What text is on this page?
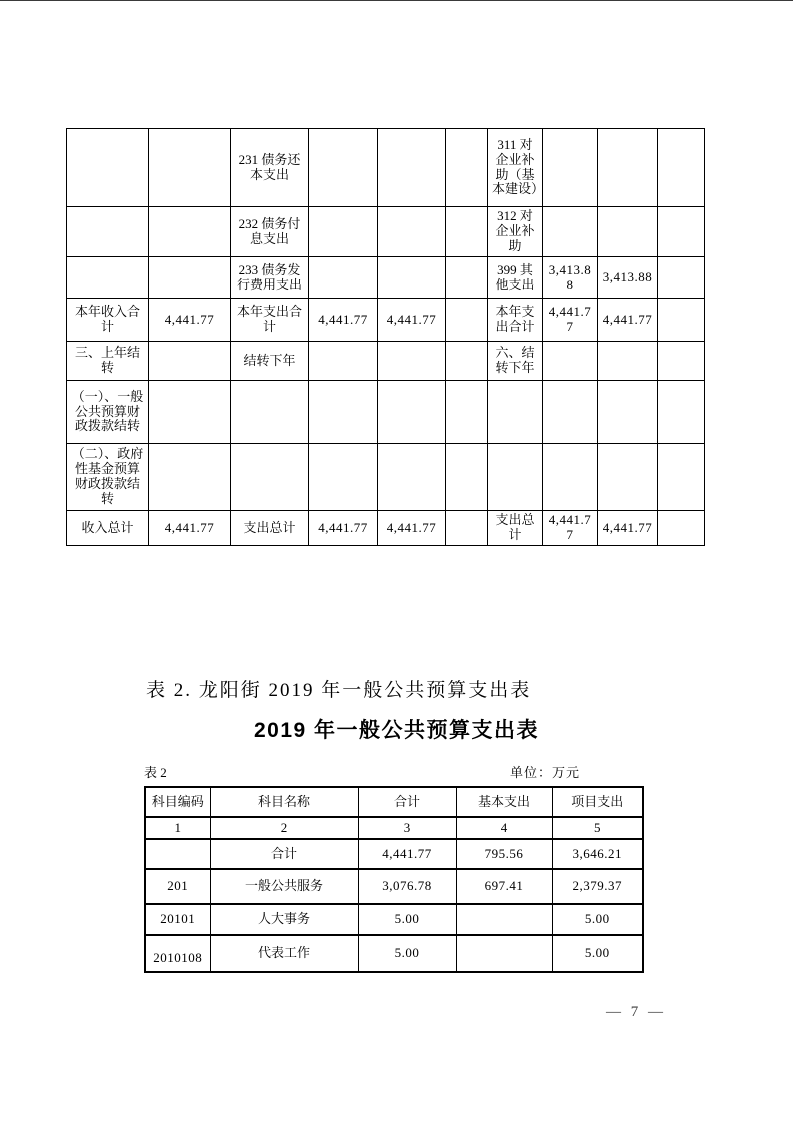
		231 债务还本支出				311 对企业补助（基本建设）			
		232 债务付息支出				312 对企业补助			
		233 债务发行费用支出				399 其他支出	3,413.88	3,413.88	
本年收入合计	4,441.77	本年支出合计	4,441.77	4,441.77		本年支出合计	4,441.77	4,441.77	
三、上年结转		结转下年				六、结转下年			
（一）、一般公共预算财政拨款结转									
（二）、政府性基金预算财政拨款结转									
收入总计	4,441.77	支出总计	4,441.77	4,441.77		支出总计	4,441.77	4,441.77	
表 2. 龙阳街 2019 年一般公共预算支出表
2019 年一般公共预算支出表
表 2	单位：万元
科目编码	科目名称	合计	基本支出	项目支出
1	2	3	4	5
	合计	4,441.77	795.56	3,646.21
201	一般公共服务	3,076.78	697.41	2,379.37
20101	人大事务	5.00		5.00
2010108	代表工作	5.00		5.00
— 7 —
